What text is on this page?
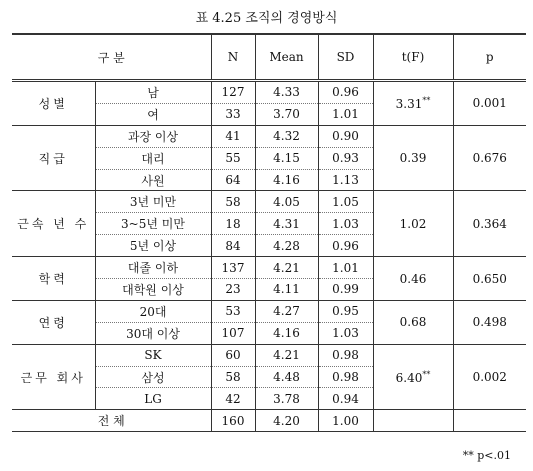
표 4.25 조직의 경영방식
구 분		N	Mean	SD	t(F)	p
성별	남	127	4.33	0.96	3.31**	0.001
	여	33	3.70	1.01		
직급	과장 이상	41	4.32	0.90	0.39	0.676
	대리	55	4.15	0.93		
	사원	64	4.16	1.13		
근속 년 수	3년 미만	58	4.05	1.05	1.02	0.364
	3~5년 미만	18	4.31	1.03		
	5년 이상	84	4.28	0.96		
학력	대졸 이하	137	4.21	1.01	0.46	0.650
	대학원 이상	23	4.11	0.99		
연령	20대	53	4.27	0.95	0.68	0.498
	30대 이상	107	4.16	1.03		
근무 회사	SK	60	4.21	0.98	6.40**	0.002
	삼성	58	4.48	0.98		
	LG	42	3.78	0.94		
전 체		160	4.20	1.00		
** p<.01
